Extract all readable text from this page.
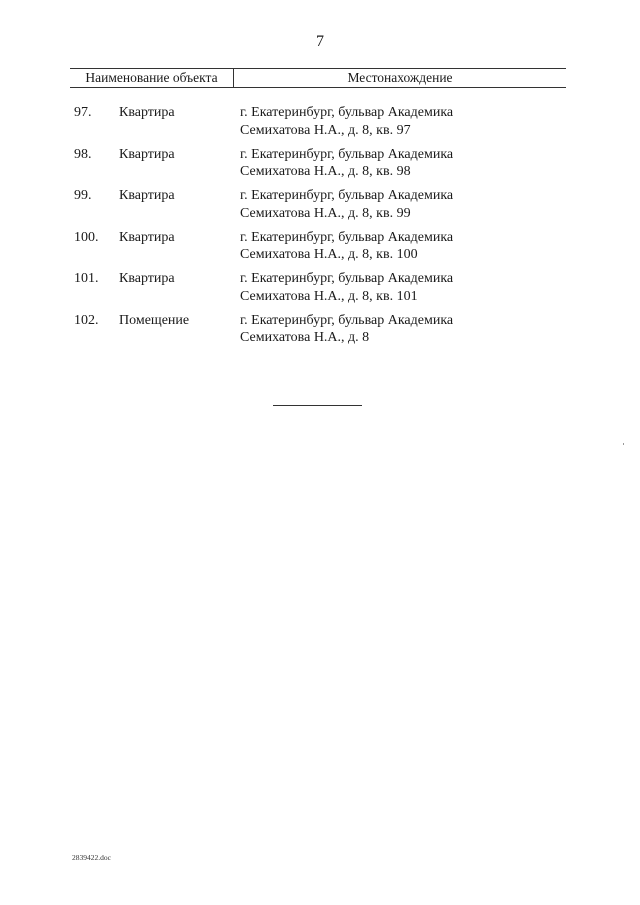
7
Наименование объекта	Местонахождение
97. Квартира	г. Екатеринбург, бульвар Академика
Семихатова Н.А., д. 8, кв. 97
98. Квартира	г. Екатеринбург, бульвар Академика
Семихатова Н.А., д. 8, кв. 98
99. Квартира	г. Екатеринбург, бульвар Академика
Семихатова Н.А., д. 8, кв. 99
100. Квартира	г. Екатеринбург, бульвар Академика
Семихатова Н.А., д. 8, кв. 100
101. Квартира	г. Екатеринбург, бульвар Академика
Семихатова Н.А., д. 8, кв. 101
102. Помещение	г. Екатеринбург, бульвар Академика
Семихатова Н.А., д. 8
2839422.doc
